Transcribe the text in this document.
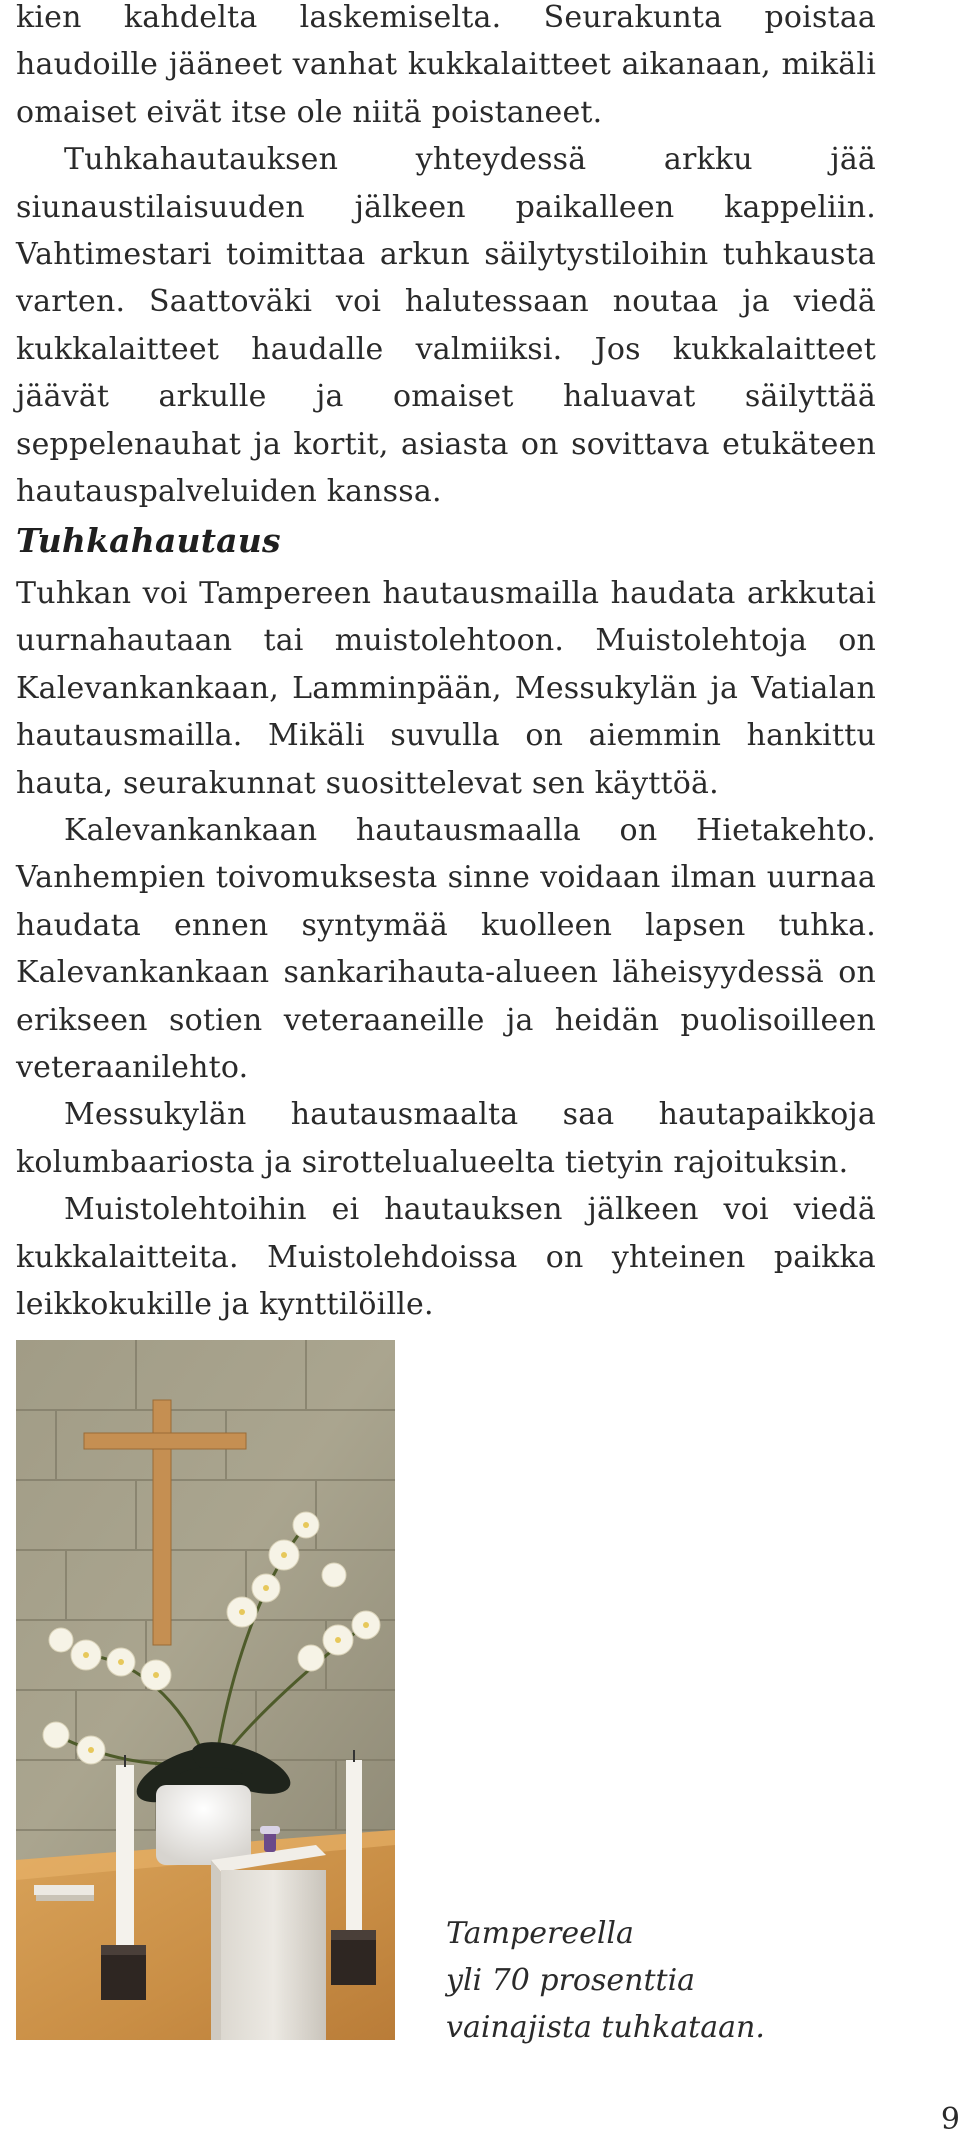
kien kahdelta laskemiselta. Seurakunta poistaa haudoille jääneet vanhat kukkalaitteet aikanaan, mikäli omaiset eivät itse ole niitä poistaneet.

Tuhkahautauksen yhteydessä arkku jää siunaustilaisuuden jälkeen paikalleen kappeliin. Vahtimestari toimittaa arkun säilytystiloihin tuhkausta varten. Saattoväki voi halutessaan noutaa ja viedä kukkalaitteet haudalle valmiiksi. Jos kukkalaitteet jäävät arkulle ja omaiset haluavat säilyttää seppelenauhat ja kortit, asiasta on sovittava etukäteen hautauspalveluiden kanssa.

Tuhkahautaus

Tuhkan voi Tampereen hautausmailla haudata arkkutai uurnahautaan tai muistolehtoon. Muistolehtoja on Kalevankankaan, Lamminpään, Messukylän ja Vatialan hautausmailla. Mikäli suvulla on aiemmin hankittu hauta, seurakunnat suosittelevat sen käyttöä.

Kalevankankaan hautausmaalla on Hietakehto. Vanhempien toivomuksesta sinne voidaan ilman uurnaa haudata ennen syntymää kuolleen lapsen tuhka. Kalevankankaan sankarihauta-alueen läheisyydessä on erikseen sotien veteraaneille ja heidän puolisoilleen veteraanilehto.

Messukylän hautausmaalta saa hautapaikkoja kolumbaariosta ja sirottelualueelta tietyin rajoituksin.

Muistolehtoihin ei hautauksen jälkeen voi viedä kukkalaitteita. Muistolehdoissa on yhteinen paikka leikkokukille ja kynttilöille.

Tampereella
yli 70 prosenttia
vainajista tuhkataan.
9
